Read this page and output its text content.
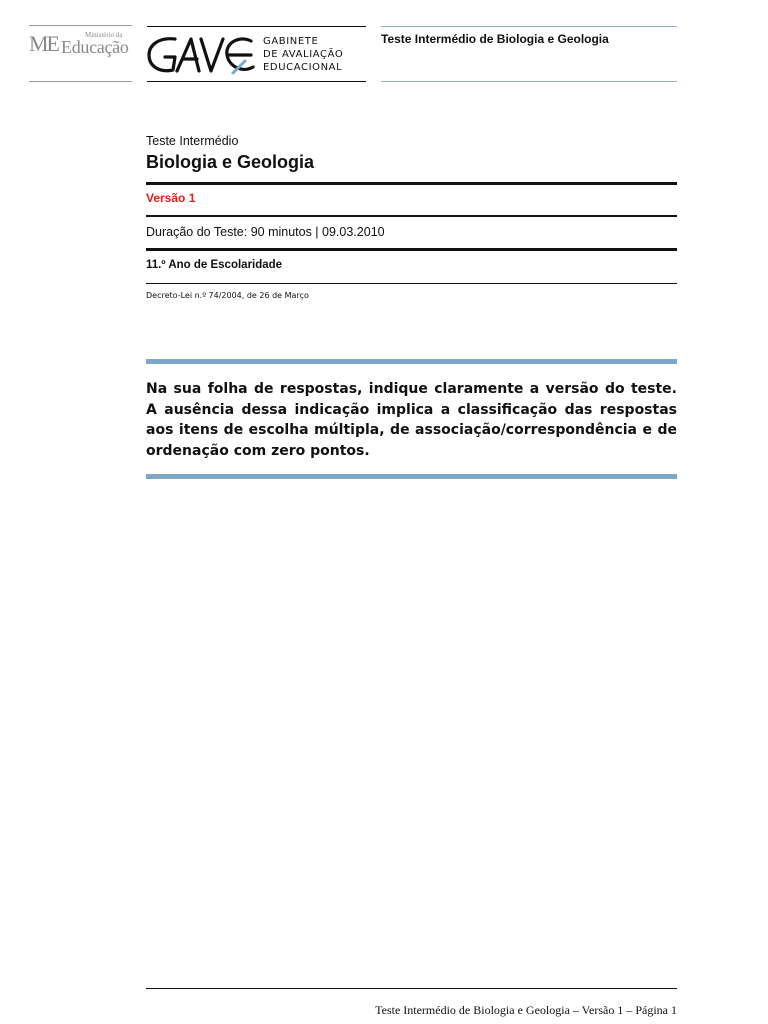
ME	Ministério da
Educação	GABINETE
DE AVALIAÇÃO
EDUCACIONAL
Teste Intermédio de Biologia e Geologia
Teste Intermédio
Biologia e Geologia
Versão 1
Duração do Teste: 90 minutos | 09.03.2010
11.º Ano de Escolaridade
Decreto-Lei n.º 74/2004, de 26 de Março
Na sua folha de respostas, indique claramente a versão do teste. A ausência dessa indicação implica a classificação das respostas aos itens de escolha múltipla, de associação/correspondência e de ordenação com zero pontos.
Teste Intermédio de Biologia e Geologia – Versão 1 – Página 1
